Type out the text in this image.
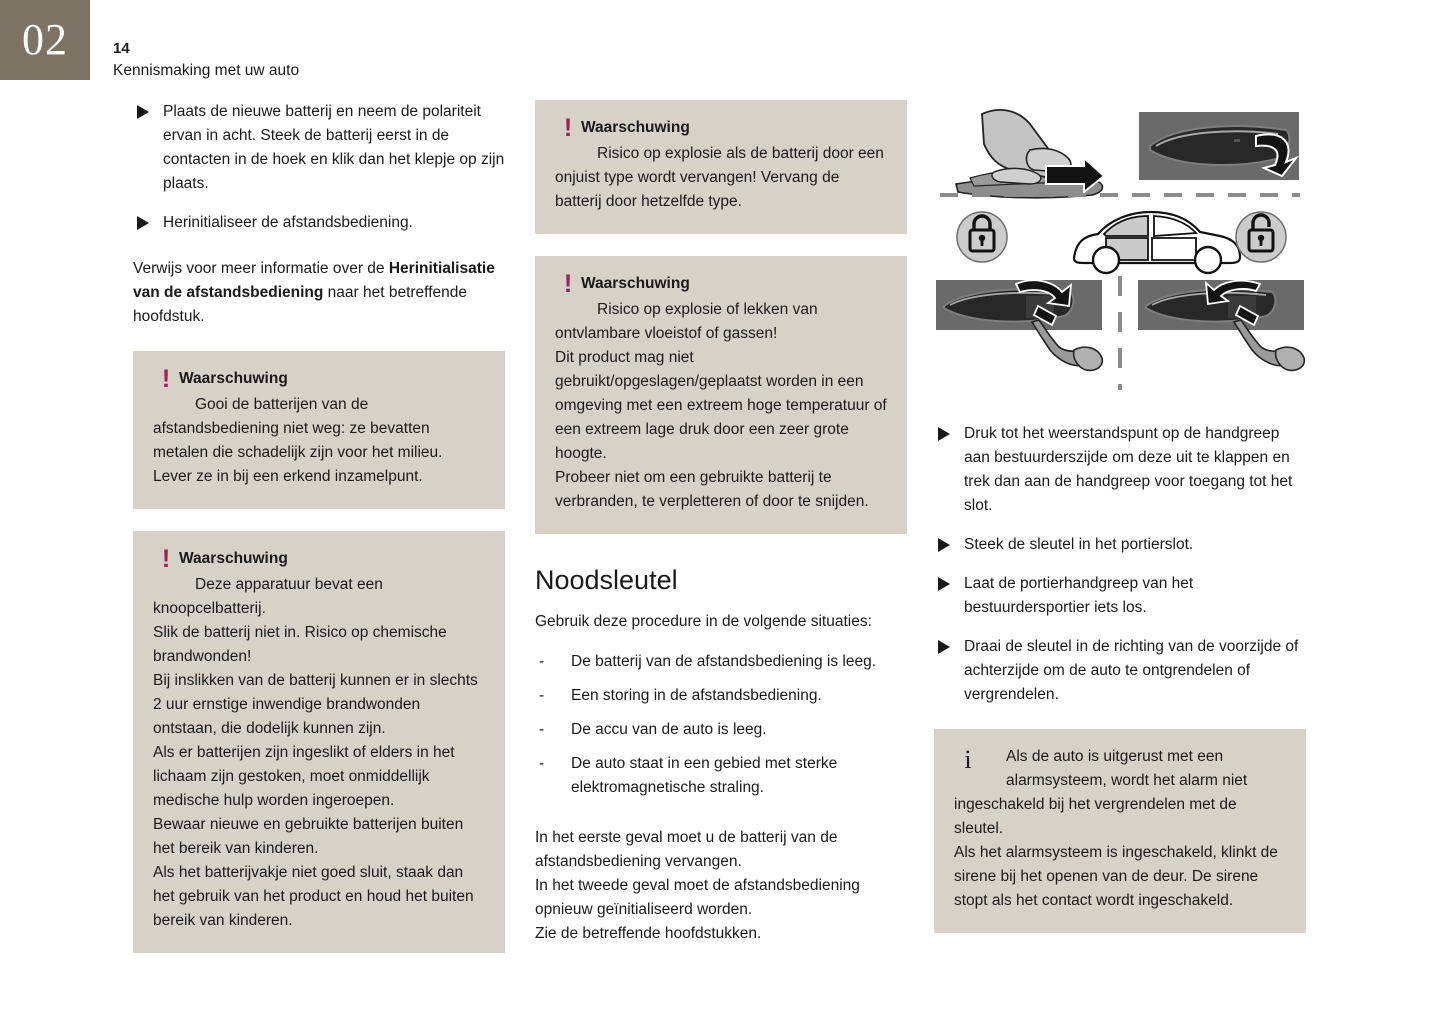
02	14
Kennismaking met uw auto
Plaats de nieuwe batterij en neem de polariteit ervan in acht. Steek de batterij eerst in de contacten in de hoek en klik dan het klepje op zijn plaats.
Herinitialiseer de afstandsbediening.

Verwijs voor meer informatie over de Herinitialisatie van de afstandsbediening naar het betreffende hoofdstuk.

! Waarschuwing
Gooi de batterijen van de afstandsbediening niet weg: ze bevatten metalen die schadelijk zijn voor het milieu. Lever ze in bij een erkend inzamelpunt.
! Waarschuwing
Deze apparatuur bevat een knoopcelbatterij.
Slik de batterij niet in. Risico op chemische brandwonden!
Bij inslikken van de batterij kunnen er in slechts 2 uur ernstige inwendige brandwonden ontstaan, die dodelijk kunnen zijn.
Als er batterijen zijn ingeslikt of elders in het lichaam zijn gestoken, moet onmiddellijk medische hulp worden ingeroepen.
Bewaar nieuwe en gebruikte batterijen buiten het bereik van kinderen.
Als het batterijvakje niet goed sluit, staak dan het gebruik van het product en houd het buiten bereik van kinderen.
! Waarschuwing
Risico op explosie als de batterij door een onjuist type wordt vervangen! Vervang de batterij door hetzelfde type.
! Waarschuwing
Risico op explosie of lekken van ontvlambare vloeistof of gassen!
Dit product mag niet gebruikt/opgeslagen/geplaatst worden in een omgeving met een extreem hoge temperatuur of een extreem lage druk door een zeer grote hoogte.
Probeer niet om een gebruikte batterij te verbranden, te verpletteren of door te snijden.
Noodsleutel

Gebruik deze procedure in de volgende situaties:

- De batterij van de afstandsbediening is leeg.
- Een storing in de afstandsbediening.
- De accu van de auto is leeg.
- De auto staat in een gebied met sterke elektromagnetische straling.

In het eerste geval moet u de batterij van de afstandsbediening vervangen.
In het tweede geval moet de afstandsbediening opnieuw geïnitialiseerd worden.
Zie de betreffende hoofdstukken.

Druk tot het weerstandspunt op de handgreep aan bestuurderszijde om deze uit te klappen en trek dan aan de handgreep voor toegang tot het slot.
Steek de sleutel in het portierslot.
Laat de portierhandgreep van het bestuurdersportier iets los.
Draai de sleutel in de richting van de voorzijde of achterzijde om de auto te ontgrendelen of vergrendelen.
i	Als de auto is uitgerust met een
alarmsysteem, wordt het alarm niet
ingeschakeld bij het vergrendelen met de sleutel.
Als het alarmsysteem is ingeschakeld, klinkt de sirene bij het openen van de deur. De sirene stopt als het contact wordt ingeschakeld.
